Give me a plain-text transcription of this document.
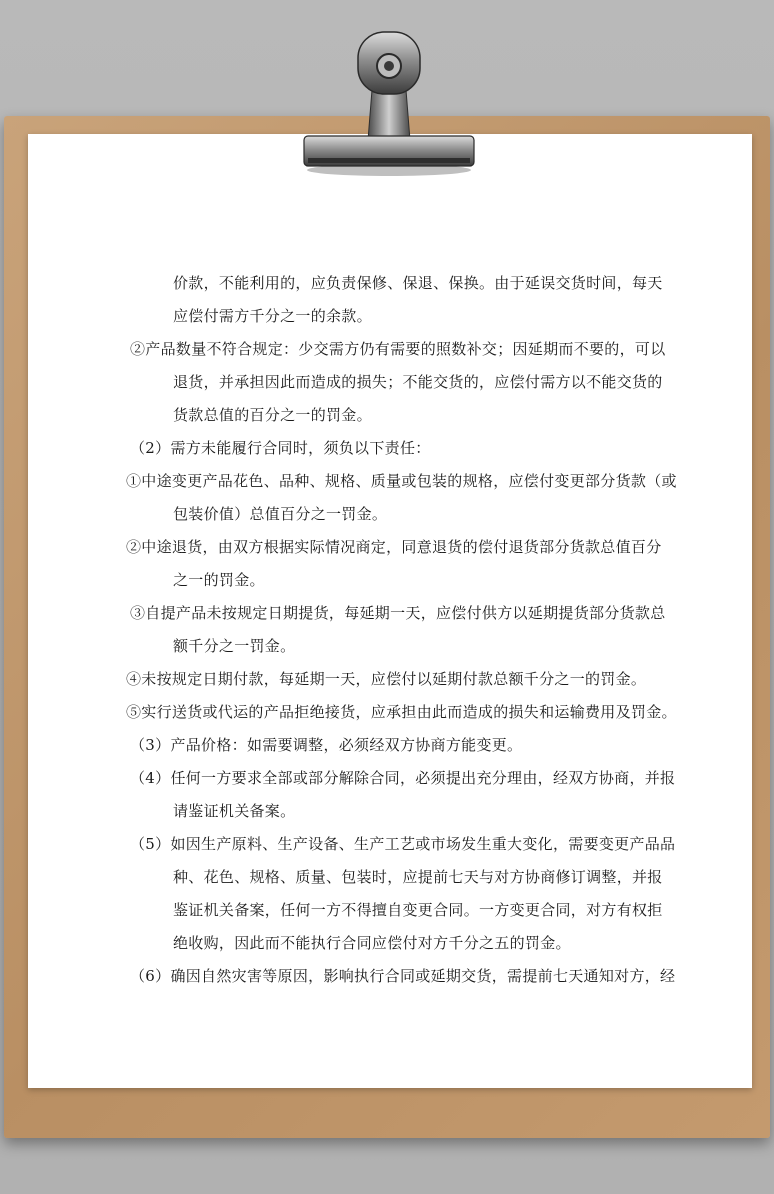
价款，不能利用的，应负责保修、保退、保换。由于延误交货时间，每天

应偿付需方千分之一的余款。

②产品数量不符合规定：少交需方仍有需要的照数补交；因延期而不要的，可以

退货，并承担因此而造成的损失；不能交货的，应偿付需方以不能交货的

货款总值的百分之一的罚金。

（2）需方未能履行合同时，须负以下责任：

①中途变更产品花色、品种、规格、质量或包装的规格，应偿付变更部分货款（或

包装价值）总值百分之一罚金。

②中途退货，由双方根据实际情况商定，同意退货的偿付退货部分货款总值百分

之一的罚金。

③自提产品未按规定日期提货，每延期一天，应偿付供方以延期提货部分货款总

额千分之一罚金。

④未按规定日期付款，每延期一天，应偿付以延期付款总额千分之一的罚金。

⑤实行送货或代运的产品拒绝接货，应承担由此而造成的损失和运输费用及罚金。

（3）产品价格：如需要调整，必须经双方协商方能变更。

（4）任何一方要求全部或部分解除合同，必须提出充分理由，经双方协商，并报

请鉴证机关备案。

（5）如因生产原料、生产设备、生产工艺或市场发生重大变化，需要变更产品品

种、花色、规格、质量、包装时，应提前七天与对方协商修订调整，并报

鉴证机关备案，任何一方不得擅自变更合同。一方变更合同，对方有权拒

绝收购，因此而不能执行合同应偿付对方千分之五的罚金。

（6）确因自然灾害等原因，影响执行合同或延期交货，需提前七天通知对方，经
